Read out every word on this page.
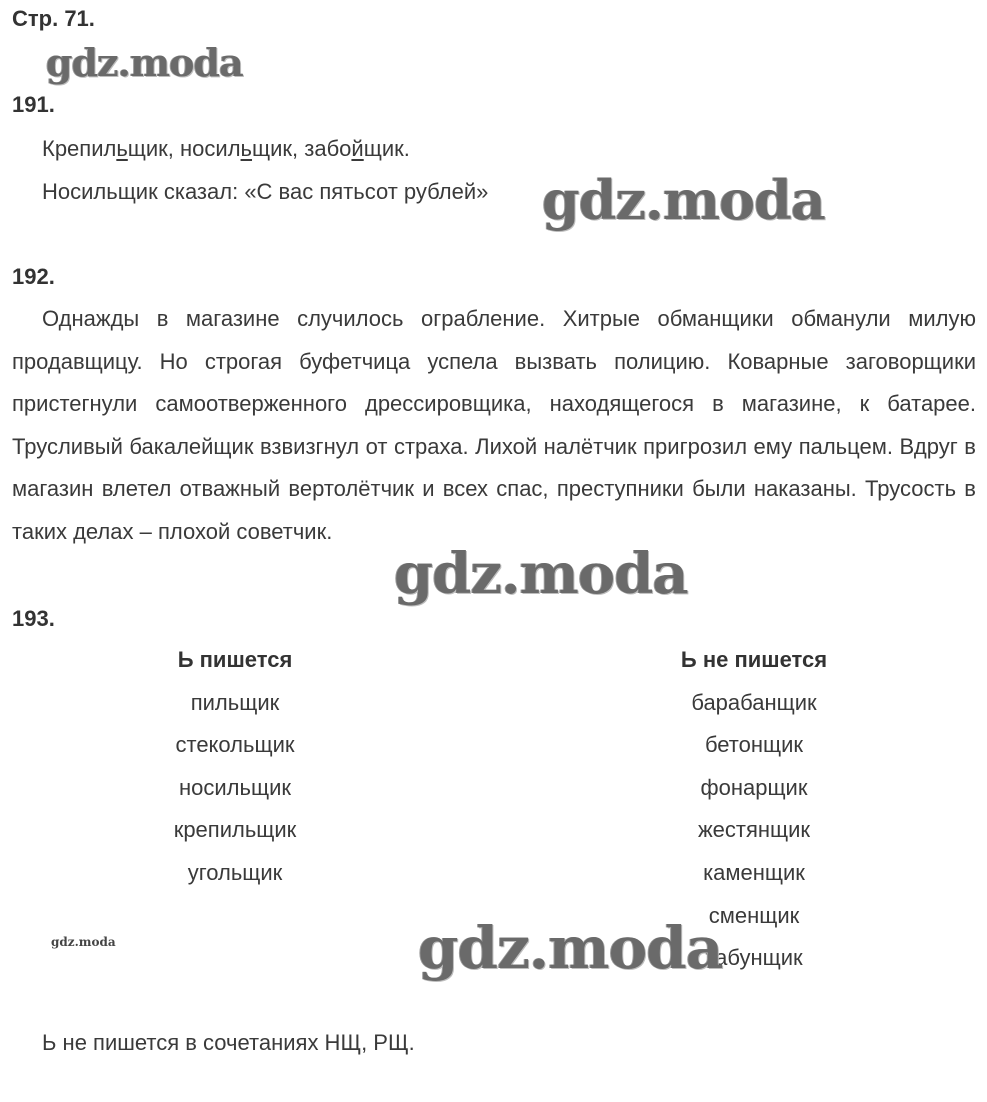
Стр. 71.
191.
Крепильщик, носильщик, забойщик.
Носильщик сказал: «С вас пятьсот рублей»
192.
Однажды в магазине случилось ограбление. Хитрые обманщики обманули милую продавщицу. Но строгая буфетчица успела вызвать полицию. Коварные заговорщики пристегнули самоотверженного дрессировщика, находящегося в магазине, к батарее. Трусливый бакалейщик взвизгнул от страха. Лихой налётчик пригрозил ему пальцем. Вдруг в магазин влетел отважный вертолётчик и всех спас, преступники были наказаны. Трусость в таких делах – плохой советчик.
193.
Ь пишется
пильщик
стекольщик
носильщик
крепильщик
угольщик
Ь не пишется
барабанщик
бетонщик
фонарщик
жестянщик
каменщик
сменщик
табунщик
Ь не пишется в сочетаниях НЩ, РЩ.
gdz.moda
gdz.moda
gdz.moda
gdz.moda
gdz.moda
